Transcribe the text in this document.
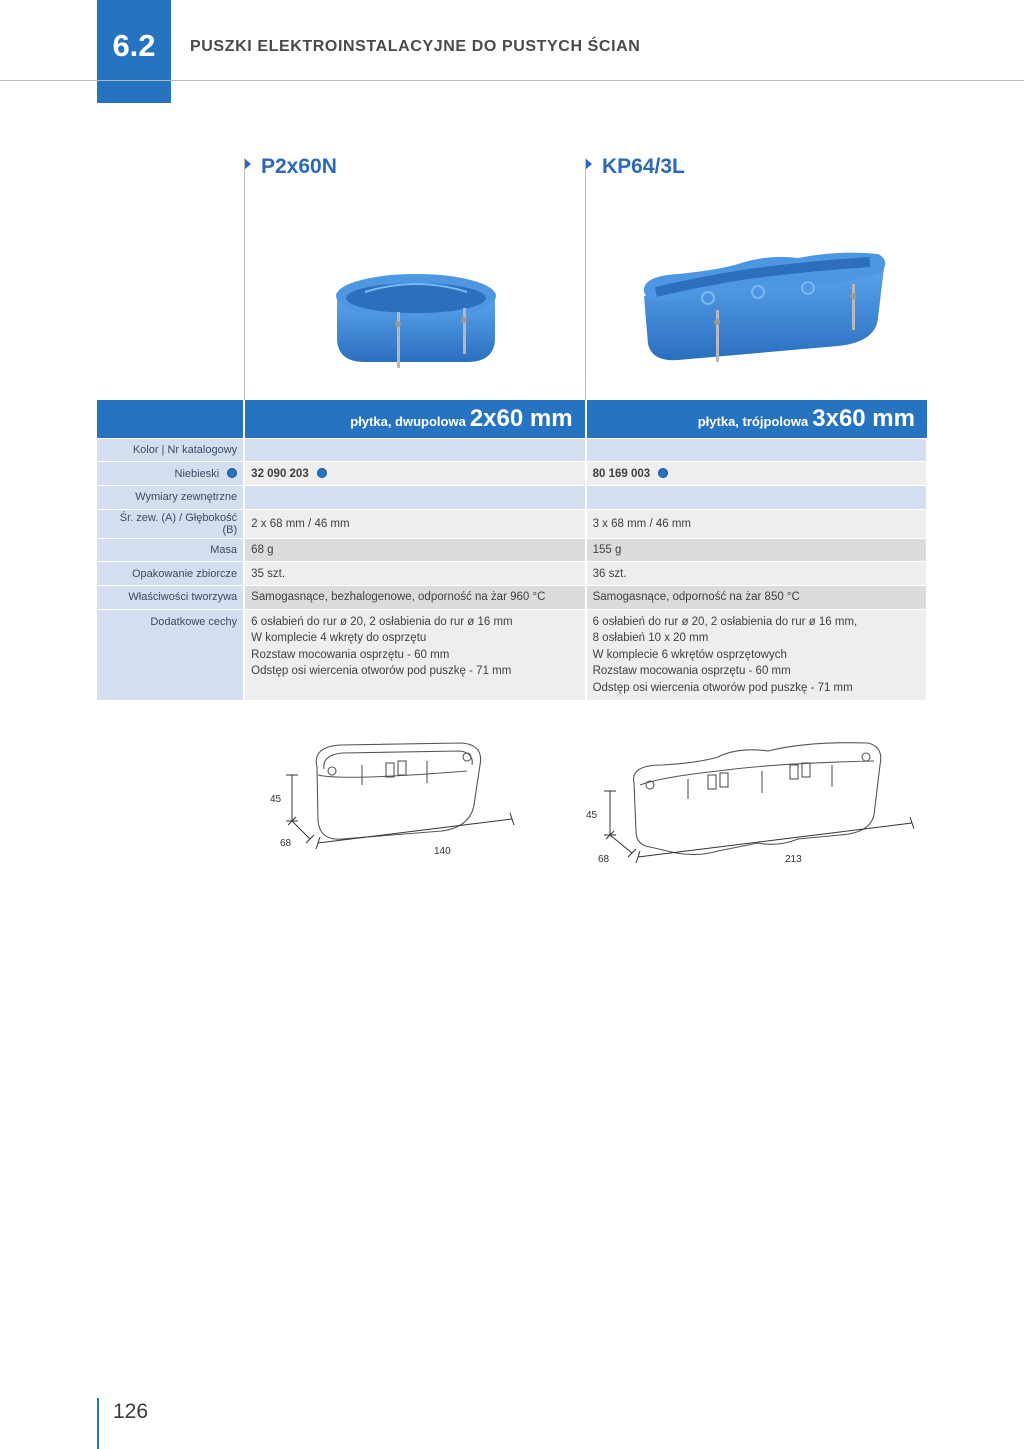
6.2	PUSZKI ELEKTROINSTALACYJNE DO PUSTYCH ŚCIAN
P2x60N	KP64/3L
	płytka, dwupolowa 2x60 mm	płytka, trójpolowa 3x60 mm
Kolor | Nr katalogowy		
Niebieski	32 090 203	80 169 003
Wymiary zewnętrzne		
Śr. zew. (A) / Głębokość (B)	2 x 68 mm / 46 mm	3 x 68 mm / 46 mm
Masa	68 g	155 g
Opakowanie zbiorcze	35 szt.	36 szt.
Właściwości tworzywa	Samogasnące, bezhalogenowe, odporność na żar 960 °C	Samogasnące, odporność na żar 850 °C
Dodatkowe cechy	6 osłabień do rur ø 20, 2 osłabienia do rur ø 16 mm
W komplecie 4 wkręty do osprzętu
Rozstaw mocowania osprzętu - 60 mm
Odstęp osi wiercenia otworów pod puszkę - 71 mm	6 osłabień do rur ø 20, 2 osłabienia do rur ø 16 mm,
8 osłabień 10 x 20 mm
W komplecie 6 wkrętów osprzętowych
Rozstaw mocowania osprzętu - 60 mm
Odstęp osi wiercenia otworów pod puszkę - 71 mm
45
68
140
45
68	213
126
